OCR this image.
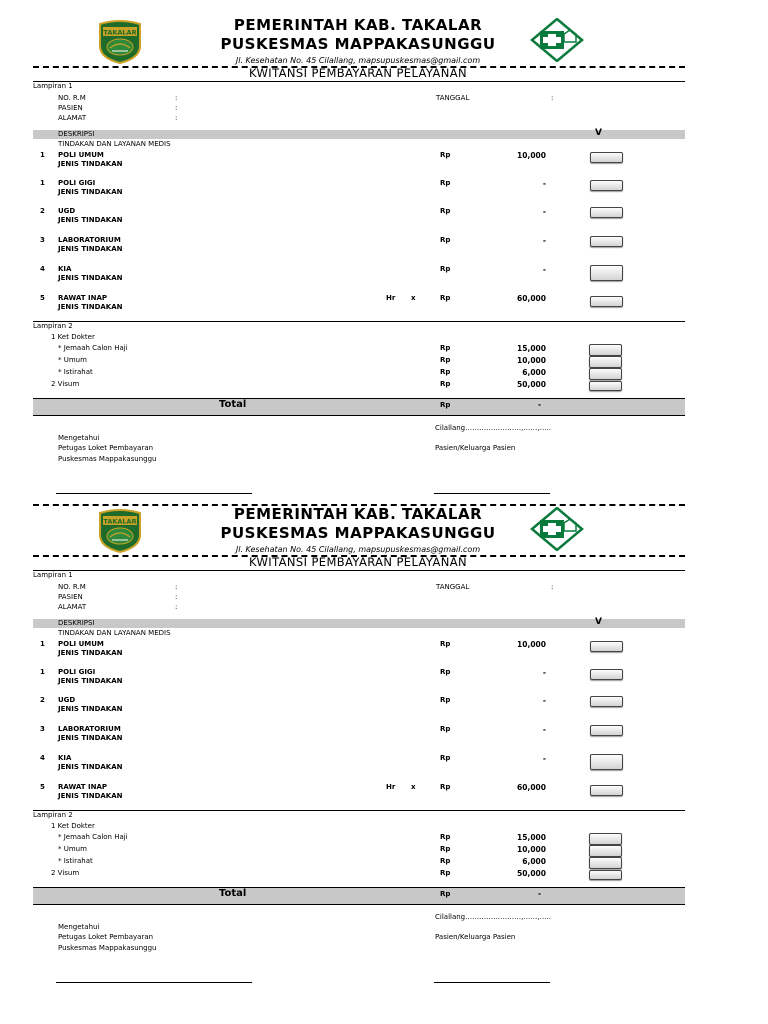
TAKALAR	PEMERINTAH KAB. TAKALAR
PUSKESMAS MAPPAKASUNGGU
Jl. Kesehatan No. 45 Cilallang, mapsupuskesmas@gmail.com
KWITANSI PEMBAYARAN PELAYANAN
Lampiran 1
NO. R.M	:
PASIEN	:
ALAMAT	:
TANGGAL	:
DESKRIPSI	V
TINDAKAN DAN LAYANAN MEDIS
1 POLI UMUM
JENIS TINDAKAN
Rp	10,000
1 POLI GIGI
JENIS TINDAKAN
Rp	-
2 UGD
JENIS TINDAKAN
Rp	-
3 LABORATORIUM
JENIS TINDAKAN
Rp	-
4 KIA
JENIS TINDAKAN
Rp	-
5 RAWAT INAP
JENIS TINDAKAN
Rp	60,000
Hr x
Lampiran 2
1 Ket Dokter
* Jemaah Calon Haji	Rp	15,000
* Umum	Rp	10,000
* Istirahat	Rp	6,000
2 Visum	Rp	50,000
Total	Rp	-
Cilallang……………………,……,…..
Mengetahui
Petugas Loket Pembayaran	Pasien/Keluarga Pasien
Puskesmas Mappakasunggu
TAKALAR	PEMERINTAH KAB. TAKALAR
PUSKESMAS MAPPAKASUNGGU
Jl. Kesehatan No. 45 Cilallang, mapsupuskesmas@gmail.com
KWITANSI PEMBAYARAN PELAYANAN
Lampiran 1
NO. R.M	:
PASIEN	:
ALAMAT	:
TANGGAL	:
DESKRIPSI	V
TINDAKAN DAN LAYANAN MEDIS
1 POLI UMUM
JENIS TINDAKAN
Rp	10,000
1 POLI GIGI
JENIS TINDAKAN
Rp	-
2 UGD
JENIS TINDAKAN
Rp	-
3 LABORATORIUM
JENIS TINDAKAN
Rp	-
4 KIA
JENIS TINDAKAN
Rp	-
5 RAWAT INAP
JENIS TINDAKAN
Rp	60,000
Hr x
Lampiran 2
1 Ket Dokter
* Jemaah Calon Haji	Rp	15,000
* Umum	Rp	10,000
* Istirahat	Rp	6,000
2 Visum	Rp	50,000
Total	Rp	-
Cilallang……………………,……,…..
Mengetahui
Petugas Loket Pembayaran	Pasien/Keluarga Pasien
Puskesmas Mappakasunggu
